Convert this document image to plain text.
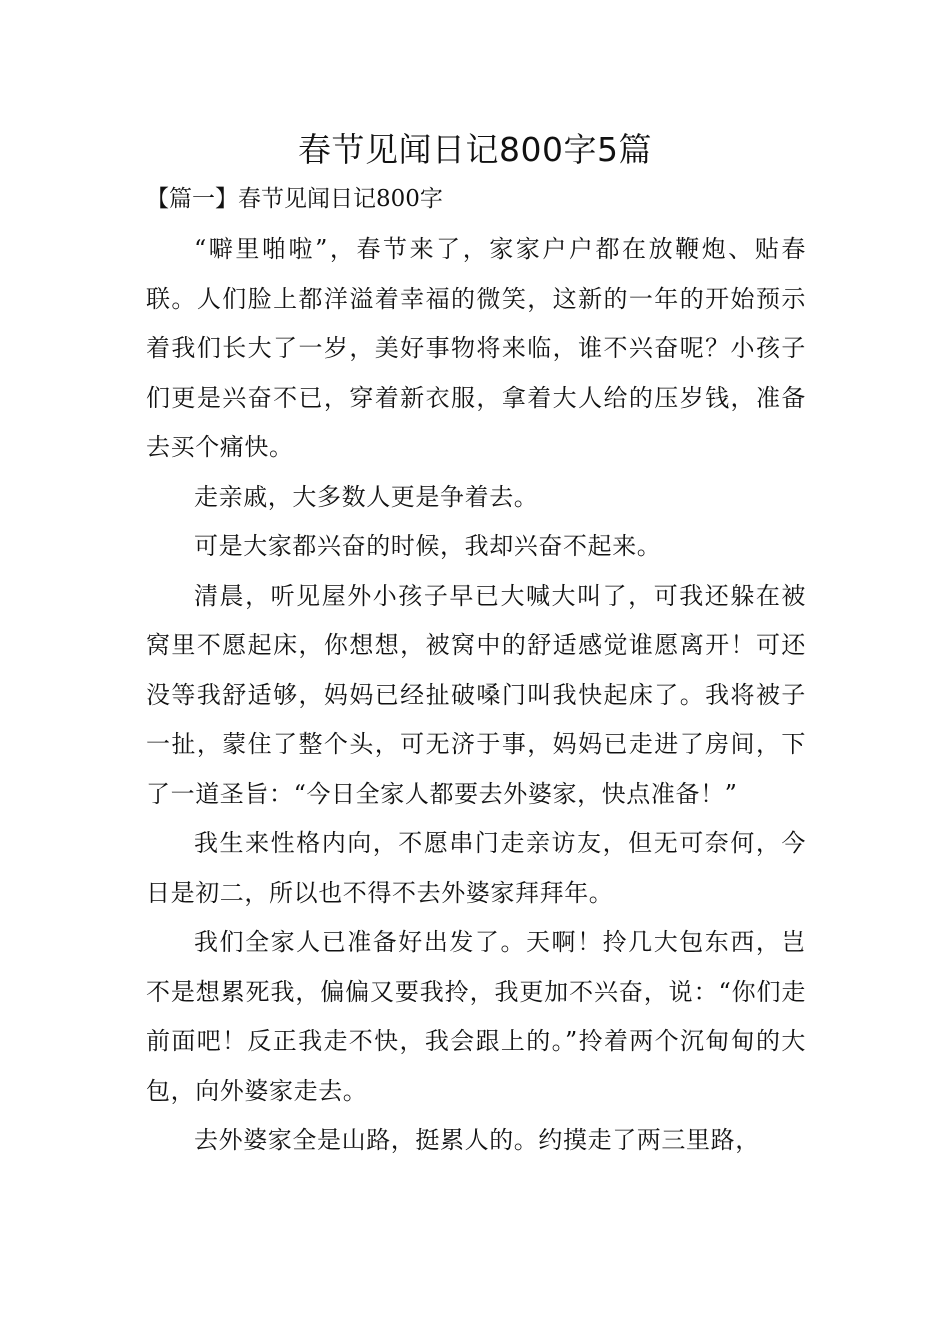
春节见闻日记800字5篇
【篇一】春节见闻日记800字

“噼里啪啦”，春节来了，家家户户都在放鞭炮、贴春联。人们脸上都洋溢着幸福的微笑，这新的一年的开始预示着我们长大了一岁，美好事物将来临，谁不兴奋呢？小孩子们更是兴奋不已，穿着新衣服，拿着大人给的压岁钱，准备去买个痛快。

走亲戚，大多数人更是争着去。

可是大家都兴奋的时候，我却兴奋不起来。

清晨，听见屋外小孩子早已大喊大叫了，可我还躲在被窝里不愿起床，你想想，被窝中的舒适感觉谁愿离开！可还没等我舒适够，妈妈已经扯破嗓门叫我快起床了。我将被子一扯，蒙住了整个头，可无济于事，妈妈已走进了房间，下了一道圣旨：“今日全家人都要去外婆家，快点准备！”

我生来性格内向，不愿串门走亲访友，但无可奈何，今日是初二，所以也不得不去外婆家拜拜年。

我们全家人已准备好出发了。天啊！拎几大包东西，岂不是想累死我，偏偏又要我拎，我更加不兴奋，说：“你们走前面吧！反正我走不快，我会跟上的。”拎着两个沉甸甸的大包，向外婆家走去。

去外婆家全是山路，挺累人的。约摸走了两三里路，
